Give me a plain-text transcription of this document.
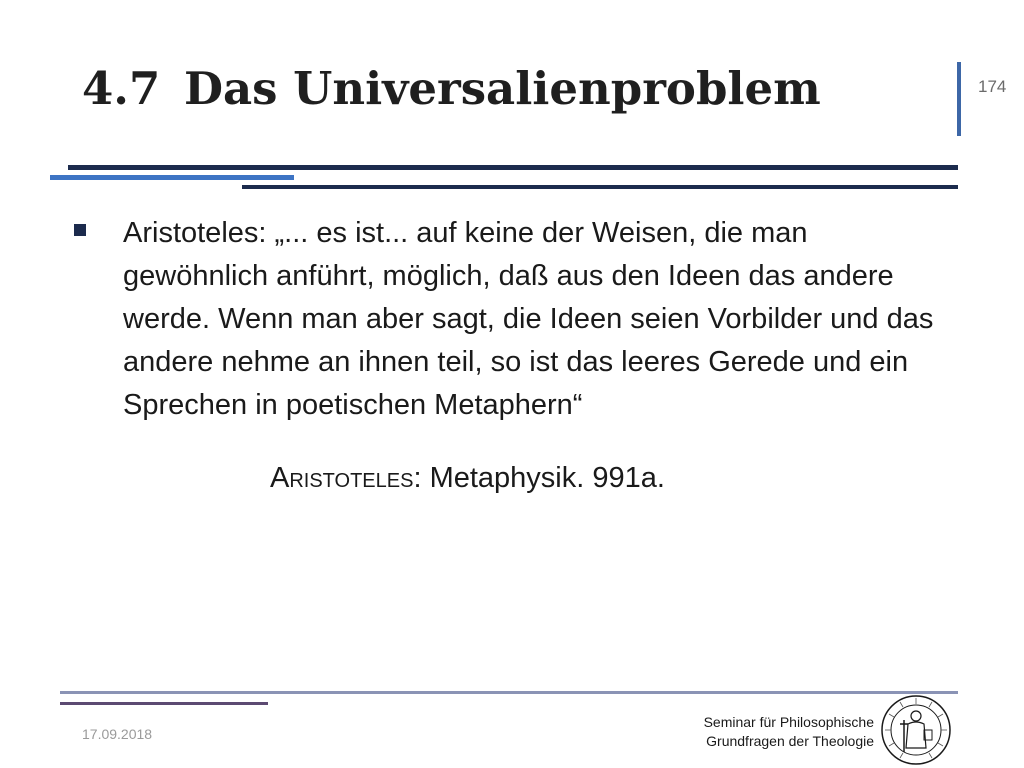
4.7 Das Universalienproblem	174

Aristoteles: „... es ist... auf keine der Weisen, die man gewöhnlich anführt, möglich, daß aus den Ideen das andere werde. Wenn man aber sagt, die Ideen seien Vorbilder und das andere nehme an ihnen teil, so ist das leeres Gerede und ein Sprechen in poetischen Metaphern“

Aristoteles: Metaphysik. 991a.

17.09.2018
Seminar für Philosophische
Grundfragen der Theologie
